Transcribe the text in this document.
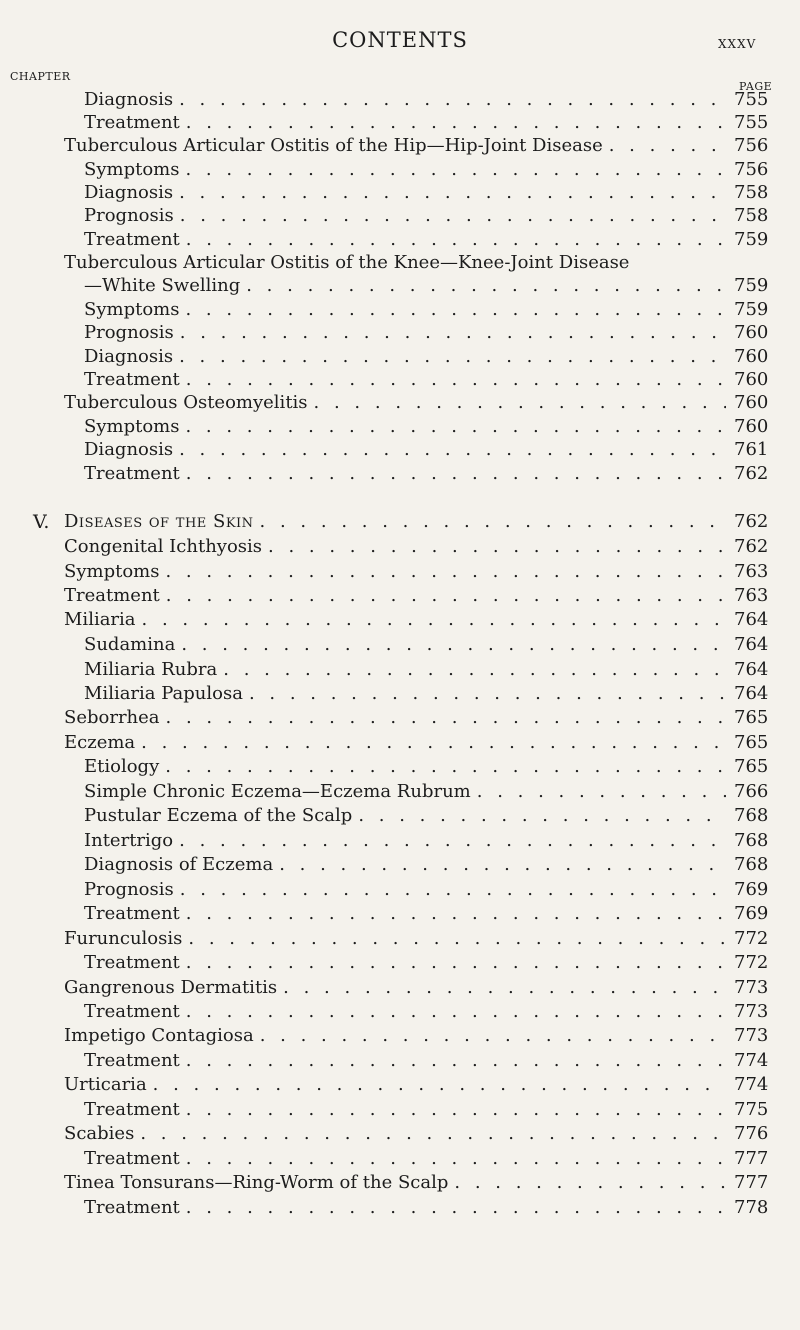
CONTENTS	XXXV
CHAPTER
PAGE
Diagnosis . . .	755
Treatment . . .	755
Tuberculous Articular Ostitis of the Hip—Hip-Joint Disease . . .	756
Symptoms . . .	756
Diagnosis . . .	758
Prognosis . . .	758
Treatment . . .	759
Tuberculous Articular Ostitis of the Knee—Knee-Joint Disease
—White Swelling . . .	759
Symptoms . . .	759
Prognosis . . .	760
Diagnosis . . .	760
Treatment . . .	760
Tuberculous Osteomyelitis . . .	760
Symptoms . . .	760
Diagnosis . . .	761
Treatment . . .	762
V. Diseases of the Skin . . .	762
Congenital Ichthyosis . . .	762
Symptoms . . .	763
Treatment . . .	763
Miliaria . . .	764
Sudamina . . .	764
Miliaria Rubra . . .	764
Miliaria Papulosa . . .	764
Seborrhea . . .	765
Eczema . . .	765
Etiology . . .	765
Simple Chronic Eczema—Eczema Rubrum . . .	766
Pustular Eczema of the Scalp . . .	768
Intertrigo . . .	768
Diagnosis of Eczema . . .	768
Prognosis . . .	769
Treatment . . .	769
Furunculosis . . .	772
Treatment . . .	772
Gangrenous Dermatitis . . .	773
Treatment . . .	773
Impetigo Contagiosa . . .	773
Treatment . . .	774
Urticaria . . .	774
Treatment . . .	775
Scabies . . .	776
Treatment . . .	777
Tinea Tonsurans—Ring-Worm of the Scalp . . .	777
Treatment . . .	778
